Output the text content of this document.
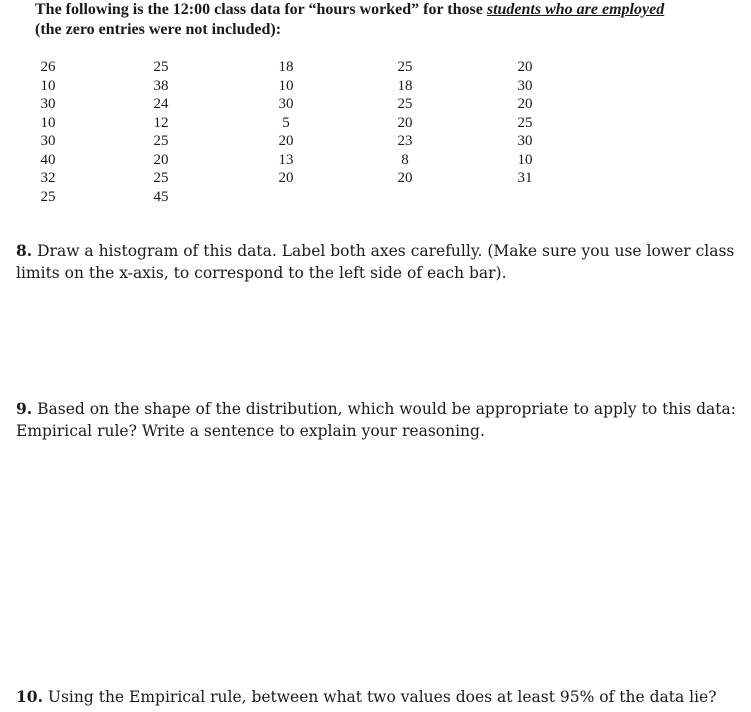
The following is the 12:00 class data for “hours worked” for those students who are employed
(the zero entries were not included):
26
10
30
10
30
40
32
25
25
38
24
12
25
20
25
45
18
10
30
5
20
13
20
25
18
25
20
23
8
20
20
30
20
25
30
10
31
8. Draw a histogram of this data. Label both axes carefully. (Make sure you use lower class limits on the x-axis, to correspond to the left side of each bar).
9. Based on the shape of the distribution, which would be appropriate to apply to this data: Empirical rule? Write a sentence to explain your reasoning.
10. Using the Empirical rule, between what two values does at least 95% of the data lie?
